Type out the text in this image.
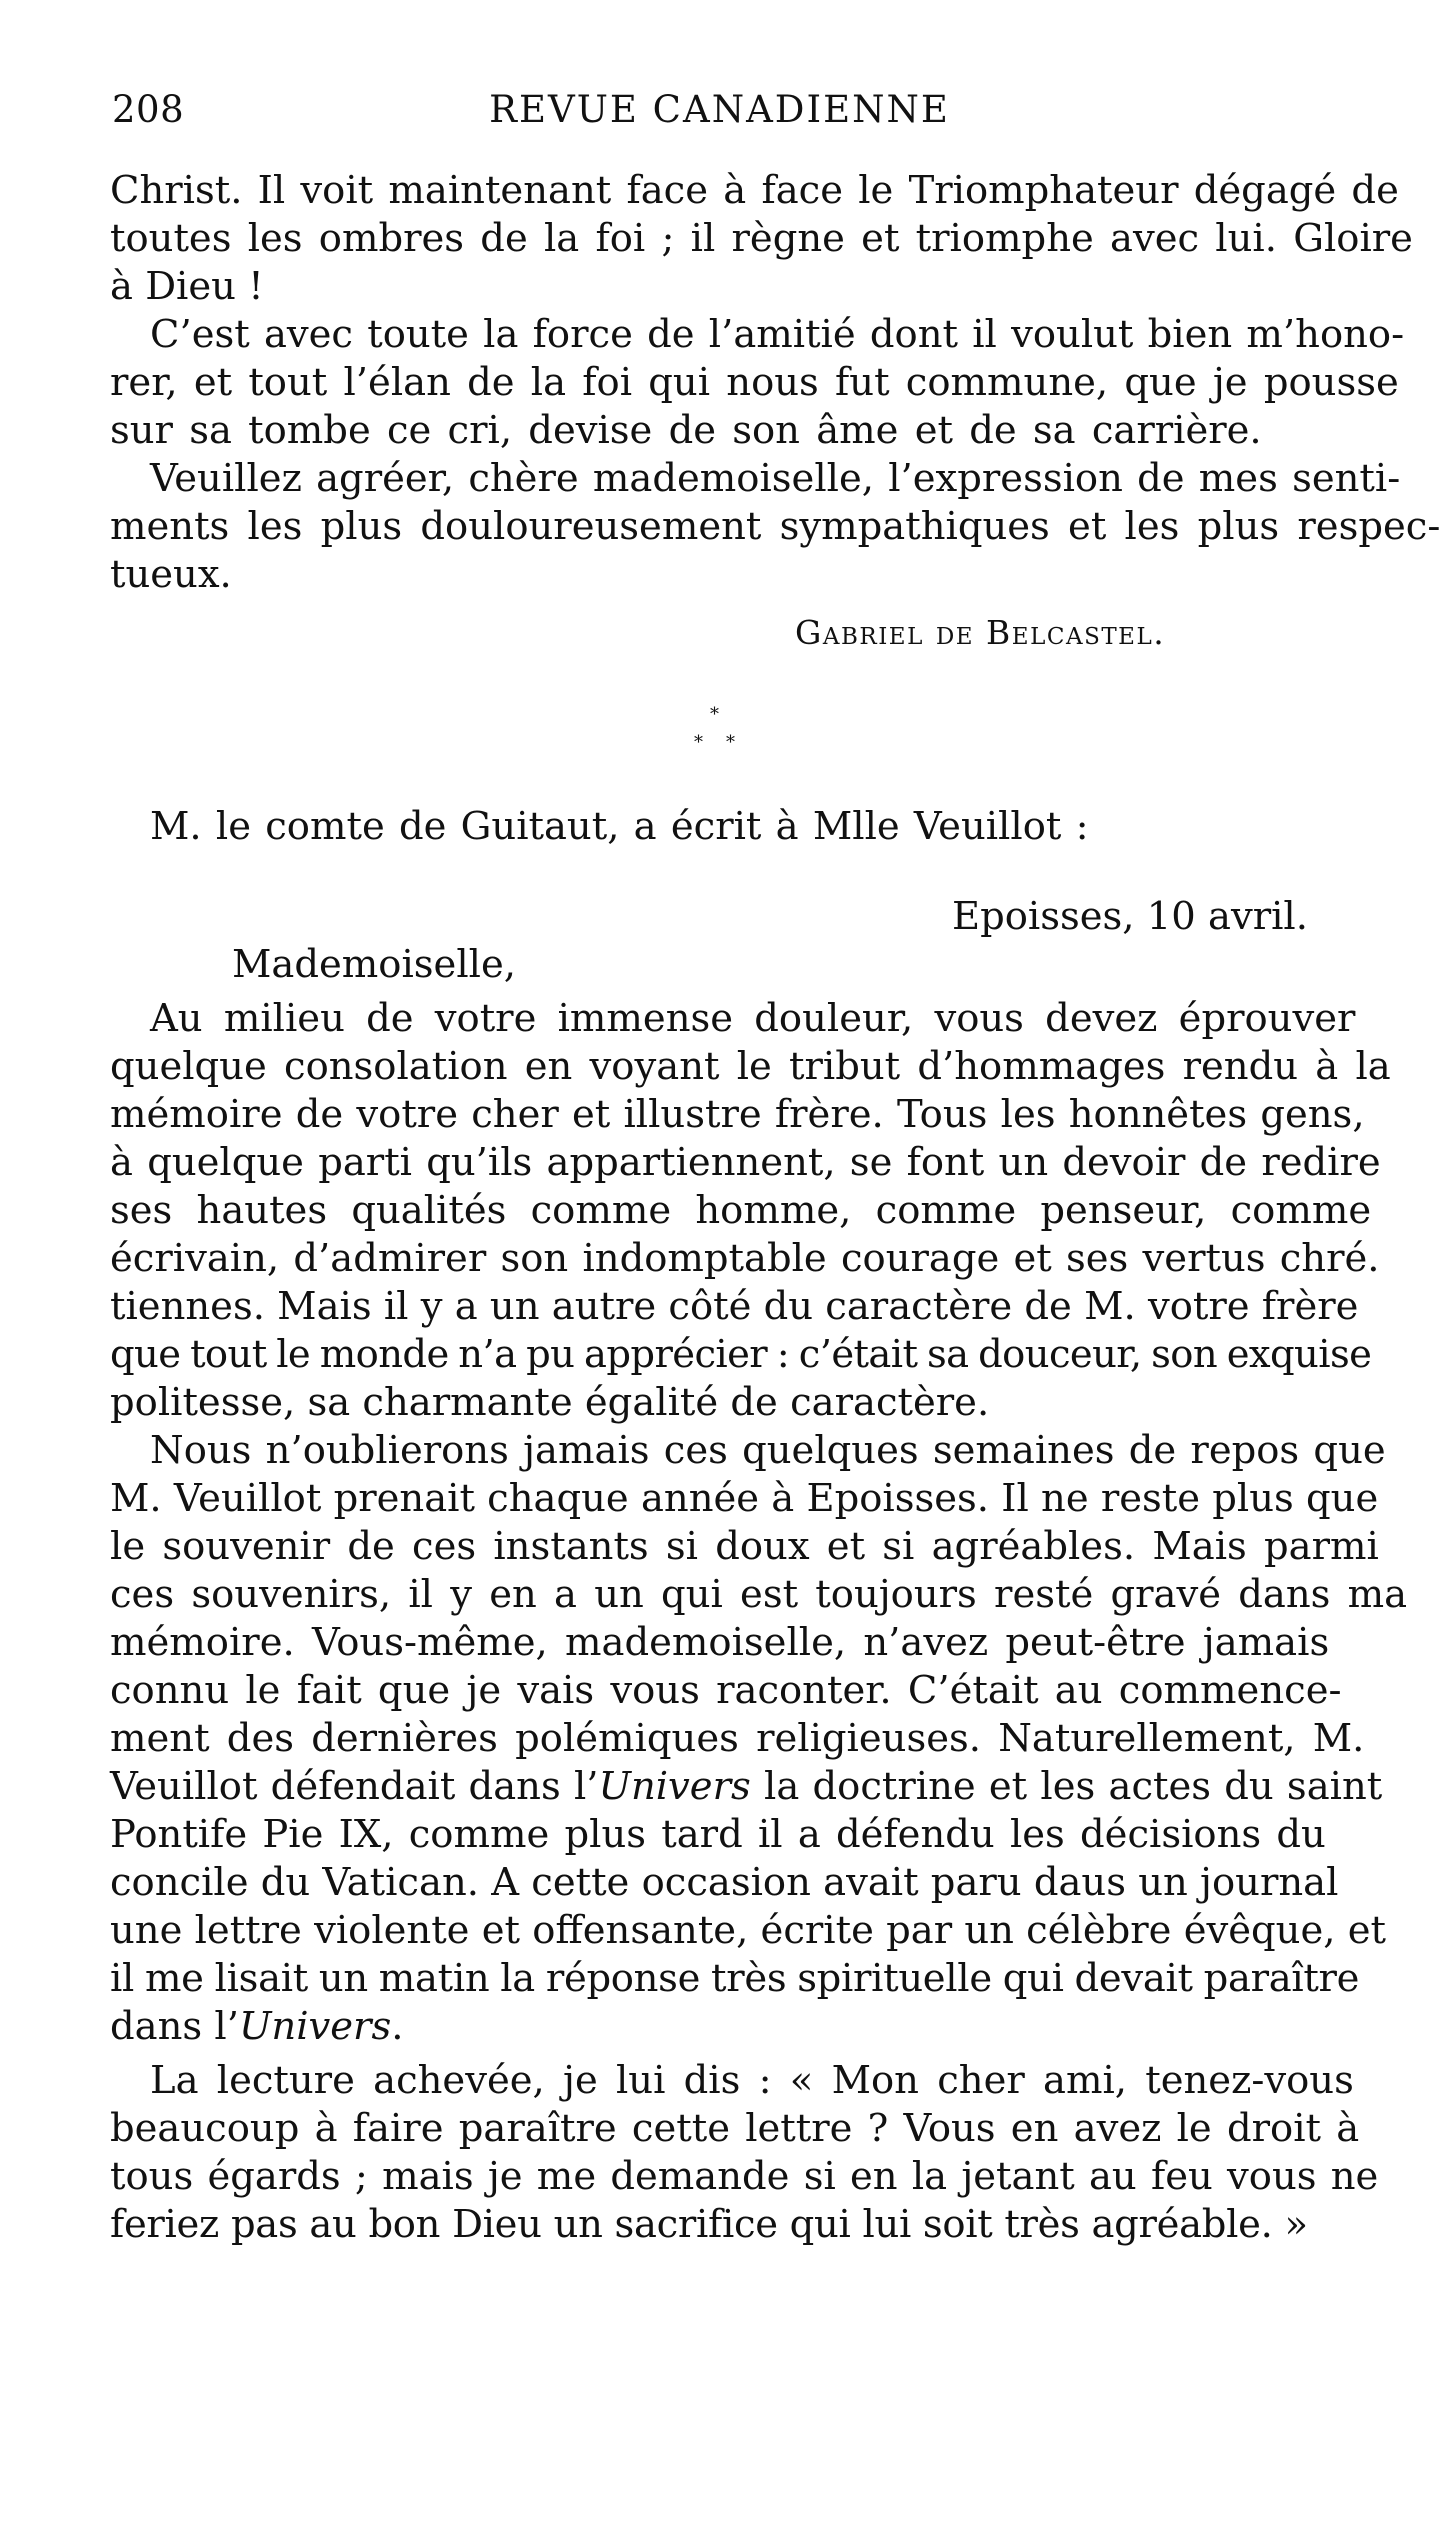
208	REVUE CANADIENNE
Christ. Il voit maintenant face à face le Triomphateur dégagé de
toutes les ombres de la foi ; il règne et triomphe avec lui. Gloire
à Dieu !
C’est avec toute la force de l’amitié dont il voulut bien m’hono-
rer, et tout l’élan de la foi qui nous fut commune, que je pousse
sur sa tombe ce cri, devise de son âme et de sa carrière.
Veuillez agréer, chère mademoiselle, l’expression de mes senti-
ments les plus douloureusement sympathiques et les plus respec-
tueux.
Gabriel de Belcastel.
*
* *
M. le comte de Guitaut, a écrit à Mlle Veuillot :
Epoisses, 10 avril.
Mademoiselle,
Au milieu de votre immense douleur, vous devez éprouver
quelque consolation en voyant le tribut d’hommages rendu à la
mémoire de votre cher et illustre frère. Tous les honnêtes gens,
à quelque parti qu’ils appartiennent, se font un devoir de redire
ses hautes qualités comme homme, comme penseur, comme
écrivain, d’admirer son indomptable courage et ses vertus chré.
tiennes. Mais il y a un autre côté du caractère de M. votre frère
que tout le monde n’a pu apprécier : c’était sa douceur, son exquise
politesse, sa charmante égalité de caractère.
Nous n’oublierons jamais ces quelques semaines de repos que
M. Veuillot prenait chaque année à Epoisses. Il ne reste plus que
le souvenir de ces instants si doux et si agréables. Mais parmi
ces souvenirs, il y en a un qui est toujours resté gravé dans ma
mémoire. Vous-même, mademoiselle, n’avez peut-être jamais
connu le fait que je vais vous raconter. C’était au commence-
ment des dernières polémiques religieuses. Naturellement, M.
Veuillot défendait dans l’Univers la doctrine et les actes du saint
Pontife Pie IX, comme plus tard il a défendu les décisions du
concile du Vatican. A cette occasion avait paru daus un journal
une lettre violente et offensante, écrite par un célèbre évêque, et
il me lisait un matin la réponse très spirituelle qui devait paraître
dans l’Univers.
La lecture achevée, je lui dis : « Mon cher ami, tenez-vous
beaucoup à faire paraître cette lettre ? Vous en avez le droit à
tous égards ; mais je me demande si en la jetant au feu vous ne
feriez pas au bon Dieu un sacrifice qui lui soit très agréable. »
